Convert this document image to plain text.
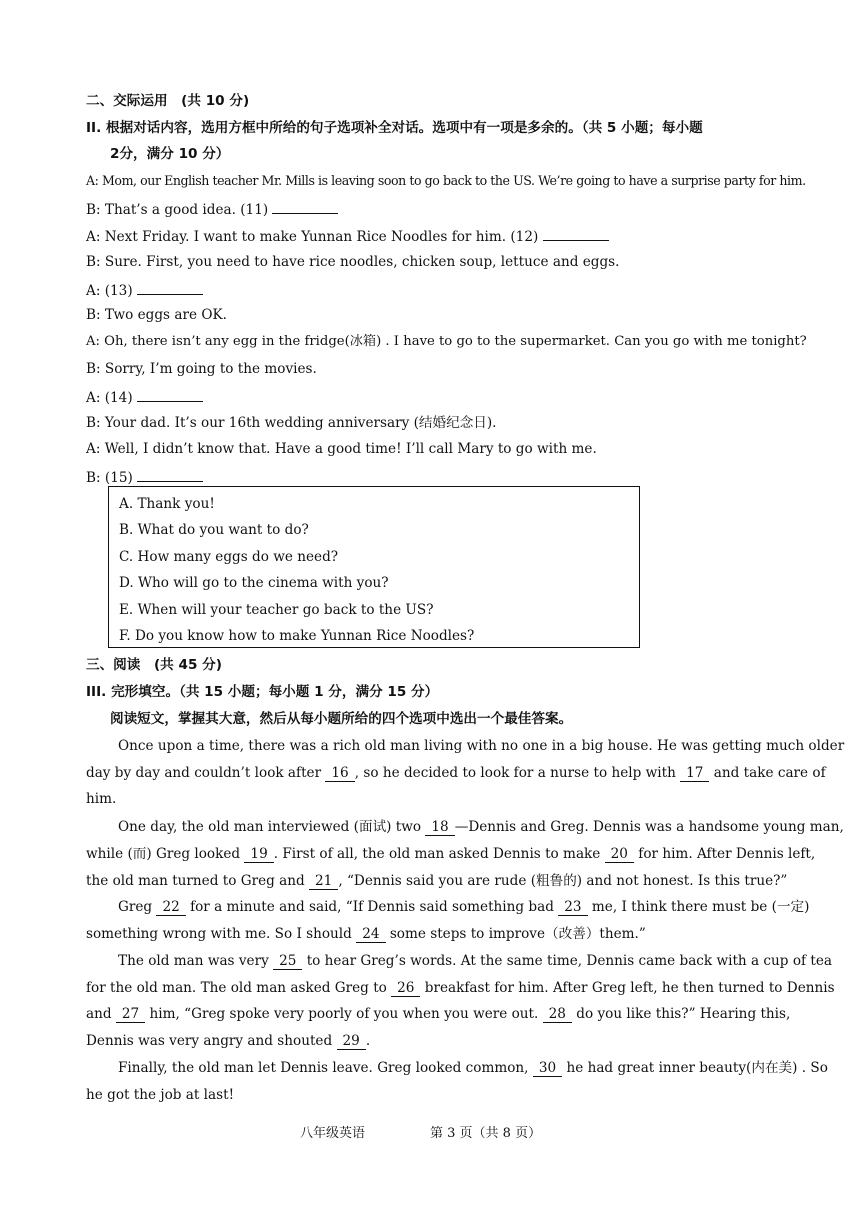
二、交际运用　(共 10 分)
II. 根据对话内容，选用方框中所给的句子选项补全对话。选项中有一项是多余的。（共 5 小题；每小题
2分，满分 10 分）
A: Mom, our English teacher Mr. Mills is leaving soon to go back to the US. We’re going to have a surprise party for him.
B: That’s a good idea. (11)
A: Next Friday. I want to make Yunnan Rice Noodles for him. (12)
B: Sure. First, you need to have rice noodles, chicken soup, lettuce and eggs.
A: (13)
B: Two eggs are OK.
A: Oh, there isn’t any egg in the fridge(冰箱) . I have to go to the supermarket. Can you go with me tonight?
B: Sorry, I’m going to the movies.
A: (14)
B: Your dad. It’s our 16th wedding anniversary (结婚纪念日).
A: Well, I didn’t know that. Have a good time! I’ll call Mary to go with me.
B: (15)
A. Thank you!
B. What do you want to do?
C. How many eggs do we need?
D. Who will go to the cinema with you?
E. When will your teacher go back to the US?
F. Do you know how to make Yunnan Rice Noodles?
三、阅读　(共 45 分)
III. 完形填空。（共 15 小题；每小题 1 分，满分 15 分）
阅读短文，掌握其大意，然后从每小题所给的四个选项中选出一个最佳答案。
Once upon a time, there was a rich old man living with no one in a big house. He was getting much older
day by day and couldn’t look after 16 , so he decided to look for a nurse to help with 17 and take care of
him.
One day, the old man interviewed (面试) two 18 —Dennis and Greg. Dennis was a handsome young man,
while (而) Greg looked 19 . First of all, the old man asked Dennis to make 20 for him. After Dennis left,
the old man turned to Greg and 21 , “Dennis said you are rude (粗鲁的) and not honest. Is this true?”
Greg 22 for a minute and said, “If Dennis said something bad 23 me, I think there must be (一定)
something wrong with me. So I should 24 some steps to improve（改善）them.”
The old man was very 25 to hear Greg’s words. At the same time, Dennis came back with a cup of tea
for the old man. The old man asked Greg to 26 breakfast for him. After Greg left, he then turned to Dennis
and 27 him, “Greg spoke very poorly of you when you were out. 28 do you like this?” Hearing this,
Dennis was very angry and shouted 29 .
Finally, the old man let Dennis leave. Greg looked common, 30 he had great inner beauty(内在美) . So
he got the job at last!
八年级英语	第 3 页（共 8 页）
